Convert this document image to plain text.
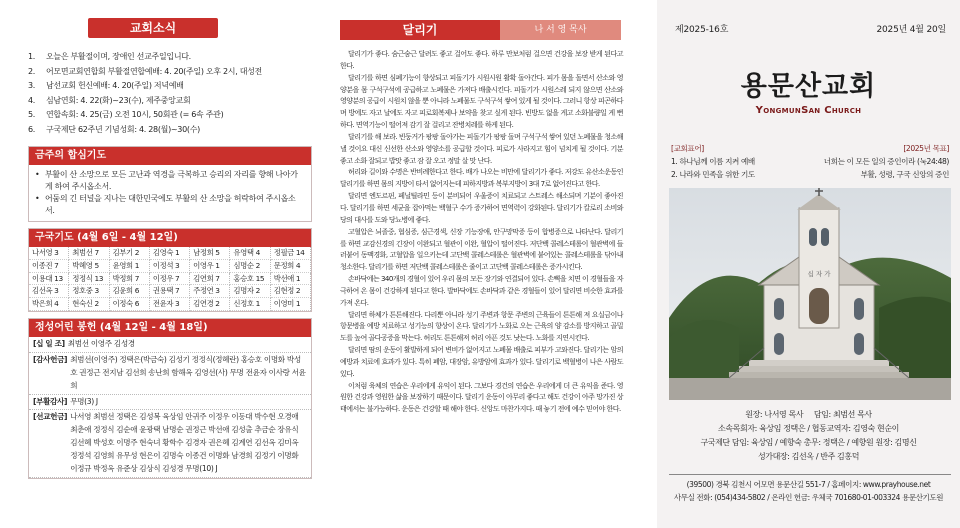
교회소식
1.	오늘은 부활절이며, 장애인 선교주일입니다.
2.	어모면교회연합회 부활절연합예배: 4. 20(주일) 오후 2시, 대성전
3.	남선교회 헌신예배: 4. 20(주일) 저녁예배
4.	심남연회: 4. 22(화)~23(수), 제주중앙교회
5.	연합속회: 4. 25(금) 오전 10시, 50회관 (= 6속 주관)
6.	구국제단 62주년 기념성회: 4. 28(월)~30(수)
금주의 합심기도
• 부활이 산 소망으로 모든 고난과 역경을 극복하고 승리의 자리를 향해 나아가게 하여 주시옵소서.
• 어둠의 긴 터널을 지나는 대한민국에도 부활의 산 소망을 허락하여 주시옵소서.
구국기도 (4월 6일 - 4월 12일)
나서영 3	최범선 7	김부기 2	김영숙 1	남정희 5	유영택 4	정필금 14
이종진 7	박혜영 5	윤영희 1	이정석 3	이영우 1	심명순 2	문정희 4
이용대 13	정정식 13	박정희 7	이정우 7	김연희 7	홍승호 15	박선애 1
김선옥 3	정호중 3	김윤희 6	권용택 7	주정연 3	김명자 2	김현정 2
박은희 4	현숙신 2	이정숙 6	전윤자 3	김연경 2	신정호 1	이영미 1
정성어린 봉헌 (4월 12일 - 4월 18일)
[십 일 조] 최범선 이영주 김성경
[감사헌금] 최범선(이영주) 정택은(박금숙) 김성기 정정식(정혜란) 홍승호 이명화 박성호 권정근 전지남 김선희 송난희 함해옥 김영선(사) 무명 전윤자 이사랑 서윤희
[부활감사] 무명(3) J
[선교헌금] 나서영 최범선 정택은 김성복 육상임 안귀주 이정우 이동대 박수현 오경애 최춘애 정정식 김순애 윤광택 남명순 권정근 박선애 김성출 추금순 장유식 김선혜 박성호 이명주 현숙녀 황학수 김경자 권은혜 김계연 김선옥 김미옥 정정석 김영희 유무성 현은이 김명숙 이종건 이명화 남경희 김정기 이명화 이정규 박정옥 유준상 김상식 김성경 무명(10) J
달리기	나 서 영 목사

달리기가 좋다. 숨근숨근 달려도 좋고 걸어도 좋다. 하루 만보처럼 걸으면 건강을 보장 받게 된다고 한다.

달리기를 하면 심폐기능이 향상되고 피돌기가 시원시원 활확 돌아간다. 피가 몸을 돌면서 산소와 영양분을 몸 구석구석에 공급하고 노폐물은 가져다 배출시킨다. 피돌기가 시원스레 되지 않으면 산소와 영양분의 공급이 시원치 않을 뿐 아니라 노폐물도 구석구석 쌓여 있게 될 것이다. 그러니 항상 피곤하다며 방에도 자고 날에도 자고 피로회복제나 보약을 찾고 싶게 된다. 빈방도 없을 게고 소화불량일 게 뻔하다. 면역기능이 떨어져 감기 잘 걸리고 잔병치레를 하게 된다.

달리기를 해 보라. 빈둥거가 팡팡 돌아가는 피돌기가 팡팡 돌며 구석구석 쌓여 있던 노폐물을 청소해 낼 것이요 대신 신선한 산소와 영양소를 공급할 것이다. 피로가 사라지고 힘이 넘치게 될 것이다. 기분 좋고 소화 잘되고 밥맛 좋고 잠 잘 오고 정말 살 맛 난다.

허리와 길이와 수명은 반비례한다고 한다. 배가 나오는 비만에 달리기가 좋다. 저강도 유산소운동인 달리기를 하면 몸의 지방이 타서 없어지는데 피하지방과 복부지방이 3대 7로 없어진다고 한다.

달리면 엔도르핀, 페닐틸라민 등이 분비되어 우울증이 치료되고 스트레스 해소되며 기분이 좋아진다. 달리기를 하면 세균을 잡아먹는 백혈구 수가 증가하여 면역력이 강화된다. 달리기가 칼로리 소비와 당의 대사를 도와 당뇨병에 좋다.

고혈압은 뇌졸중, 협심증, 심근경색, 신장 기능장애, 안구망막증 등이 합병증으로 나타난다. 달리기를 하면 교감신경의 긴장이 이완되고 혈관이 이완, 혈압이 떨어진다. 저단백 콜레스테롤이 혈관벽에 들러붙어 동맥경화, 고혈압을 일으키는데 고단백 콜레스테롤은 혈관벽에 붙어있는 콜레스테롤을 닦아내 청소한다. 달리기를 하면 저단백 콜레스테롤은 줄이고 고단백 콜레스테롤은 증가시킨다.

손바닥에는 340개의 경혈이 있어 우리 몸의 모든 장기와 연결되어 있다. 손뼉을 치면 이 경혈들을 자극하여 온 몸이 건강하게 된다고 한다. 발바닥에도 손바닥과 같은 경혈들이 있어 달리면 비슷한 효과를 가져 온다.

달리면 하체가 튼튼해진다. 다리뿐 아니라 성기 주변과 항문 주변의 근육들이 튼튼해 져 요실금이나 항문병을 예방 치료하고 성기능의 향상이 온다. 달리기가 노화로 오는 근육의 양 감소를 방지하고 골밀도를 높여 골다공증을 막는다. 허리도 튼튼해져 허리 아픈 것도 낫는다. 노화를 지연시킨다.

달리면 땀의 운동이 활발하게 되어 변비가 없어지고 노폐물 배출로 피부가 고와진다. 달리기는 암의 예방과 치료에 효과가 있다. 특히 폐암, 대장암, 유방암에 효과가 있다. 달리기로 백혈병이 나은 사람도 있다.

이처럼 육체의 연습은 우리에게 유익이 된다. 그보다 경건의 연습은 우리에게 더 큰 유익을 준다. 영원한 건강과 영원한 삶을 보장하기 때문이다. 달리기 운동이 아무리 좋다고 해도 건강이 아주 망가진 상태에서는 불가능하다. 운동은 건강할 때 해야 한다. 신앙도 마찬가지다. 때 놓기 전에 예수 믿어야 한다.

제2025-16호	2025년 4월 20일
용문산교회
YongmunSan Church
[교회표어]
1. 하나님께 이름 지켜 예배
2. 나라와 민족을 위한 기도
[2025년 목표]
너희는 이 모든 일의 증인이라 (눅24:48)
부활, 성령, 구국 신앙의 증인
십 자 가
원장: 나서영 목사     담임: 최범선 목사
소속목회자: 육상임 정택은 / 협동교역자: 김영숙 현순이
구국제단 담임: 육상임 / 예향숙 총무: 정택은 / 예향원 원장: 김명신
성가대장: 김선옥 / 반주 김홍덕
(39500) 경북 김천시 어모면 용문산길 551-7 / 홈페이지: www.prayhouse.net
사무실 전화: (054)434-5802 / 온라인 헌금: 우체국 701680-01-003324 용문산기도원
